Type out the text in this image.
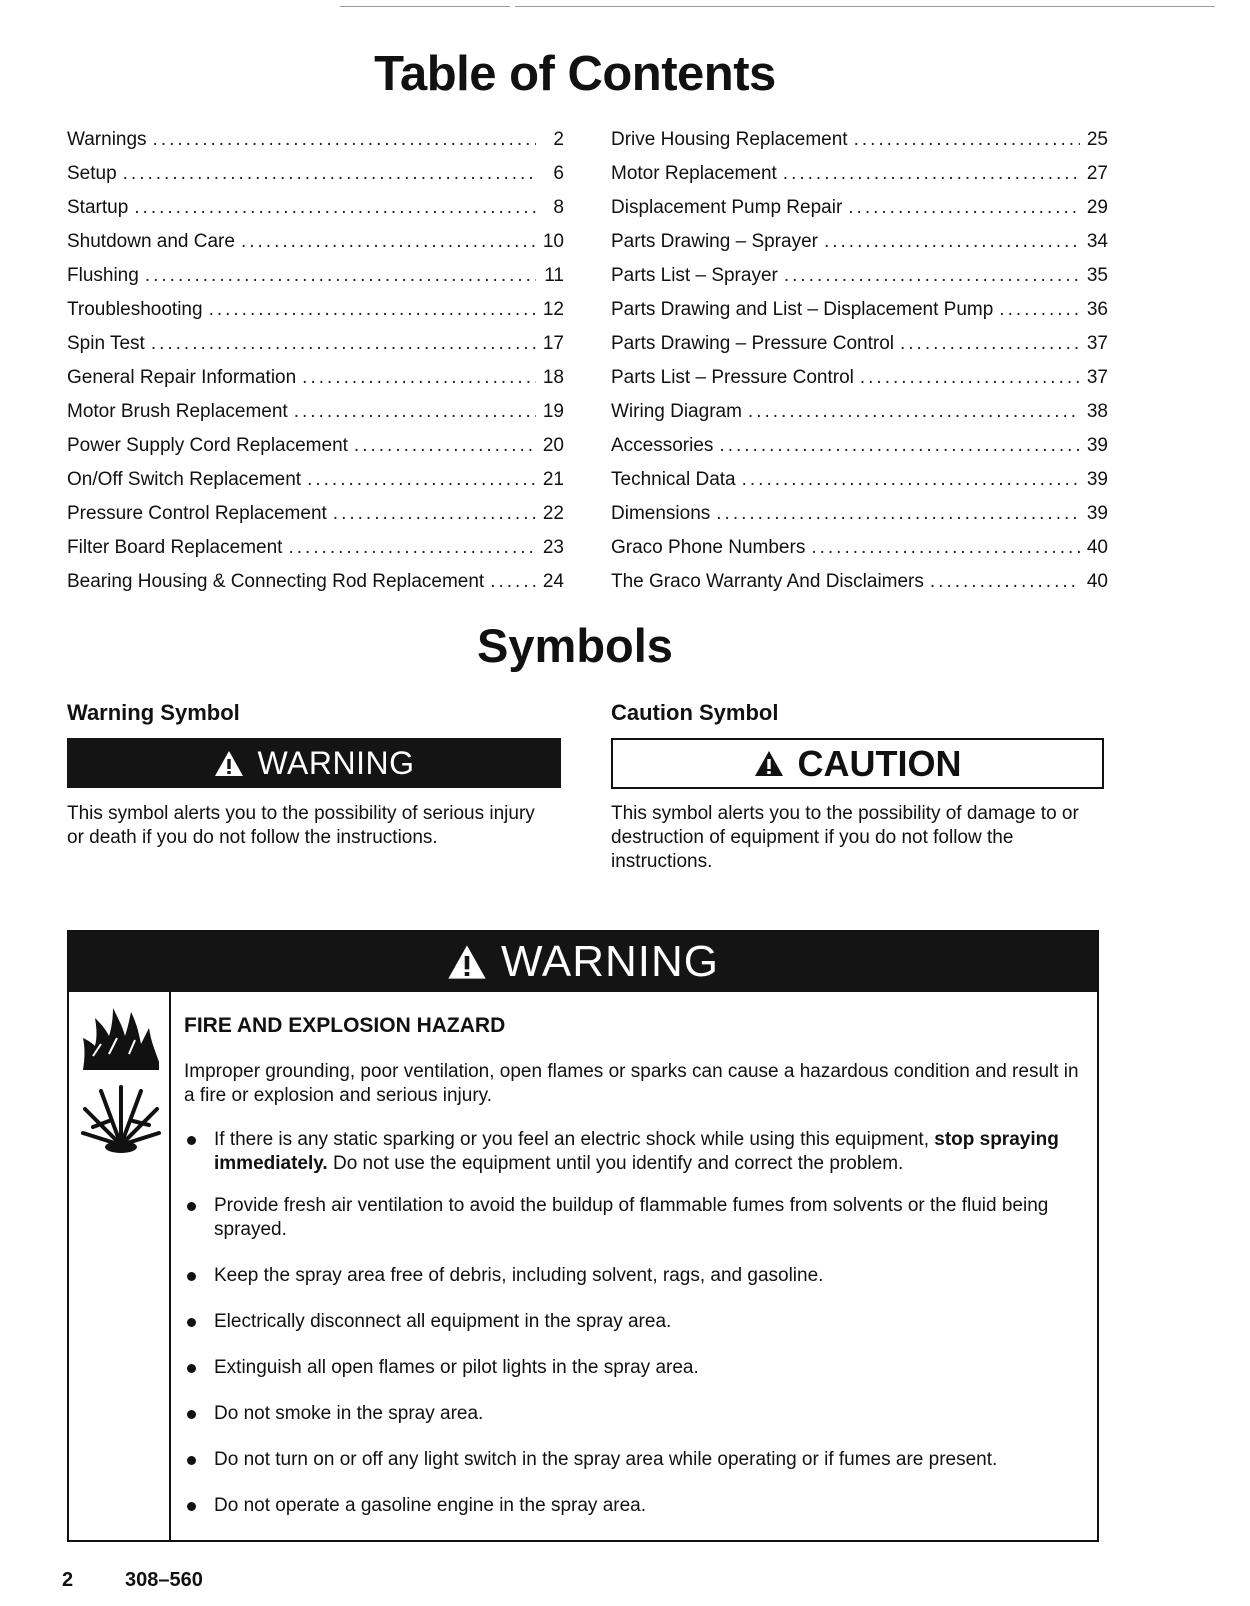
Table of Contents
Warnings .....	2
Setup .....	6
Startup .....	8
Shutdown and Care .....	10
Flushing .....	11
Troubleshooting .....	12
Spin Test .....	17
General Repair Information .....	18
Motor Brush Replacement .....	19
Power Supply Cord Replacement .....	20
On/Off Switch Replacement .....	21
Pressure Control Replacement .....	22
Filter Board Replacement .....	23
Bearing Housing & Connecting Rod Replacement .....	24
Drive Housing Replacement .....	25
Motor Replacement .....	27
Displacement Pump Repair .....	29
Parts Drawing – Sprayer .....	34
Parts List – Sprayer .....	35
Parts Drawing and List – Displacement Pump .....	36
Parts Drawing – Pressure Control .....	37
Parts List – Pressure Control .....	37
Wiring Diagram .....	38
Accessories .....	39
Technical Data .....	39
Dimensions .....	39
Graco Phone Numbers .....	40
The Graco Warranty And Disclaimers .....	40
Symbols
Warning Symbol	Caution Symbol
WARNING	CAUTION
This symbol alerts you to the possibility of serious injury or death if you do not follow the instructions.
This symbol alerts you to the possibility of damage to or destruction of equipment if you do not follow the instructions.
WARNING

FIRE AND EXPLOSION HAZARD
Improper grounding, poor ventilation, open flames or sparks can cause a hazardous condition and result in a fire or explosion and serious injury.
If there is any static sparking or you feel an electric shock while using this equipment, stop spraying immediately. Do not use the equipment until you identify and correct the problem.
Provide fresh air ventilation to avoid the buildup of flammable fumes from solvents or the fluid being sprayed.
Keep the spray area free of debris, including solvent, rags, and gasoline.
Electrically disconnect all equipment in the spray area.
Extinguish all open flames or pilot lights in the spray area.
Do not smoke in the spray area.
Do not turn on or off any light switch in the spray area while operating or if fumes are present.
Do not operate a gasoline engine in the spray area.
2	308–560
